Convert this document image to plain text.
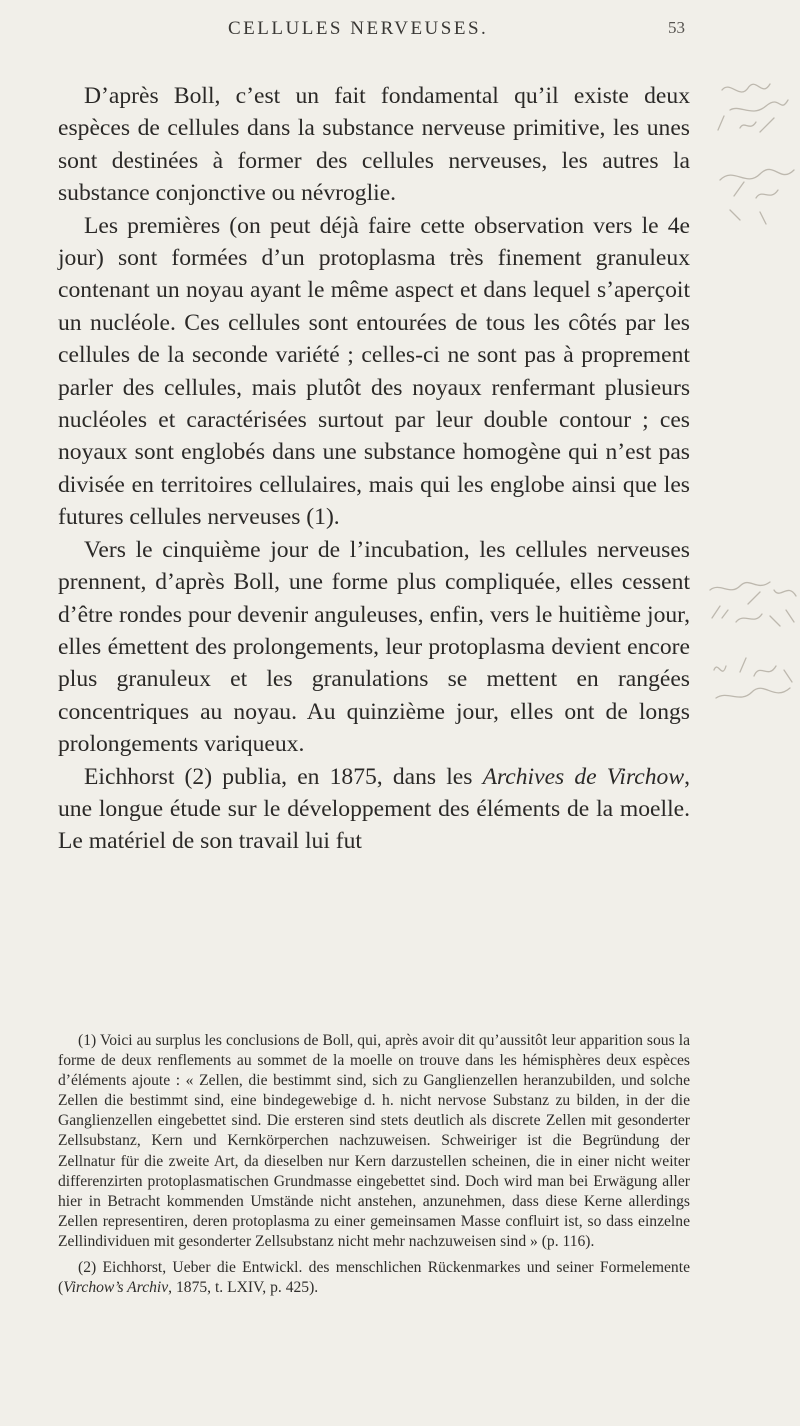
CELLULES NERVEUSES.	53

D’après Boll, c’est un fait fondamental qu’il existe deux espèces de cellules dans la substance nerveuse primitive, les unes sont destinées à former des cellules nerveuses, les autres la substance conjonctive ou névroglie.

Les premières (on peut déjà faire cette observation vers le 4e jour) sont formées d’un protoplasma très finement granuleux contenant un noyau ayant le même aspect et dans lequel s’aperçoit un nucléole. Ces cellules sont entourées de tous les côtés par les cellules de la seconde variété ; celles-ci ne sont pas à proprement parler des cellules, mais plutôt des noyaux renfermant plusieurs nucléoles et caractérisées surtout par leur double contour ; ces noyaux sont englobés dans une substance homogène qui n’est pas divisée en territoires cellulaires, mais qui les englobe ainsi que les futures cellules nerveuses (1).

Vers le cinquième jour de l’incubation, les cellules nerveuses prennent, d’après Boll, une forme plus compliquée, elles cessent d’être rondes pour devenir anguleuses, enfin, vers le huitième jour, elles émettent des prolongements, leur protoplasma devient encore plus granuleux et les granulations se mettent en rangées concentriques au noyau. Au quinzième jour, elles ont de longs prolongements variqueux.

Eichhorst (2) publia, en 1875, dans les Archives de Virchow, une longue étude sur le développement des éléments de la moelle. Le matériel de son travail lui fut

(1) Voici au surplus les conclusions de Boll, qui, après avoir dit qu’aussitôt leur apparition sous la forme de deux renflements au sommet de la moelle on trouve dans les hémisphères deux espèces d’éléments ajoute : « Zellen, die bestimmt sind, sich zu Ganglienzellen heranzubilden, und solche Zellen die bestimmt sind, eine bindegewebige d. h. nicht nervose Substanz zu bilden, in der die Ganglienzellen eingebettet sind. Die ersteren sind stets deutlich als discrete Zellen mit gesonderter Zellsubstanz, Kern und Kernkörperchen nachzuweisen. Schweiriger ist die Begründung der Zellnatur für die zweite Art, da dieselben nur Kern darzustellen scheinen, die in einer nicht weiter differenzirten protoplasmatischen Grundmasse eingebettet sind. Doch wird man bei Erwägung aller hier in Betracht kommenden Umstände nicht anstehen, anzunehmen, dass diese Kerne allerdings Zellen representiren, deren protoplasma zu einer gemeinsamen Masse confluirt ist, so dass einzelne Zellindividuen mit gesonderter Zellsubstanz nicht mehr nachzuweisen sind » (p. 116).

(2) Eichhorst, Ueber die Entwickl. des menschlichen Rückenmarkes und seiner Formelemente (Virchow’s Archiv, 1875, t. LXIV, p. 425).
